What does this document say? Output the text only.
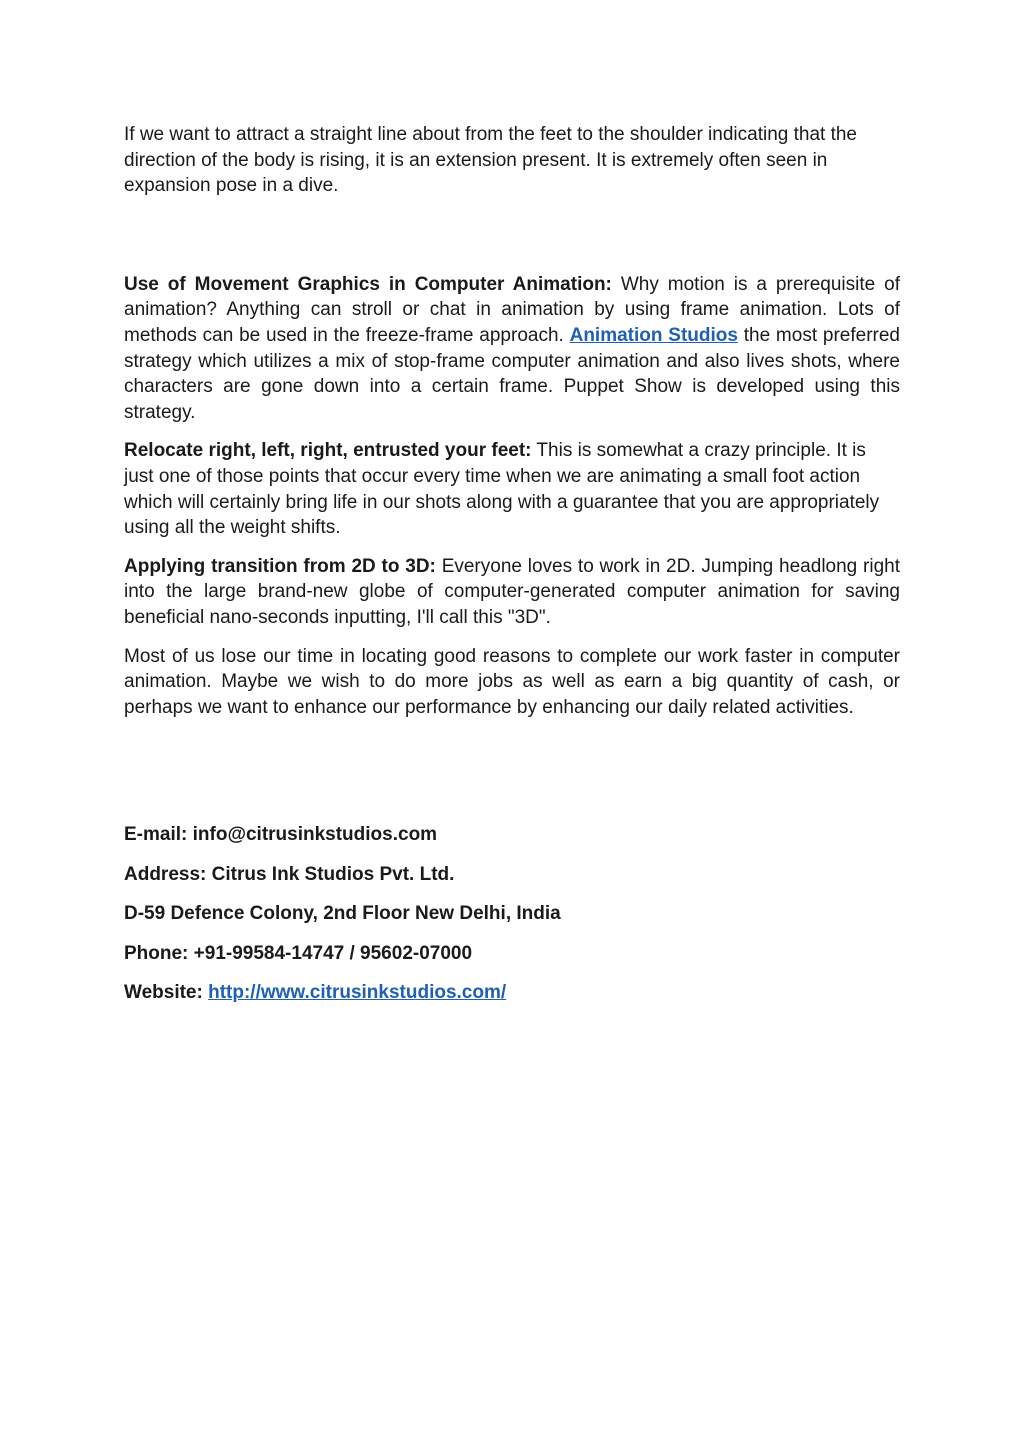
If we want to attract a straight line about from the feet to the shoulder indicating that the direction of the body is rising, it is an extension present. It is extremely often seen in expansion pose in a dive.

Use of Movement Graphics in Computer Animation: Why motion is a prerequisite of animation? Anything can stroll or chat in animation by using frame animation. Lots of methods can be used in the freeze-frame approach. Animation Studios the most preferred strategy which utilizes a mix of stop-frame computer animation and also lives shots, where characters are gone down into a certain frame. Puppet Show is developed using this strategy.

Relocate right, left, right, entrusted your feet: This is somewhat a crazy principle. It is just one of those points that occur every time when we are animating a small foot action which will certainly bring life in our shots along with a guarantee that you are appropriately using all the weight shifts.

Applying transition from 2D to 3D: Everyone loves to work in 2D. Jumping headlong right into the large brand-new globe of computer-generated computer animation for saving beneficial nano-seconds inputting, I'll call this "3D".

Most of us lose our time in locating good reasons to complete our work faster in computer animation. Maybe we wish to do more jobs as well as earn a big quantity of cash, or perhaps we want to enhance our performance by enhancing our daily related activities.

E-mail: info@citrusinkstudios.com

Address: Citrus Ink Studios Pvt. Ltd.

D-59 Defence Colony, 2nd Floor New Delhi, India

Phone: +91-99584-14747 / 95602-07000

Website: http://www.citrusinkstudios.com/
